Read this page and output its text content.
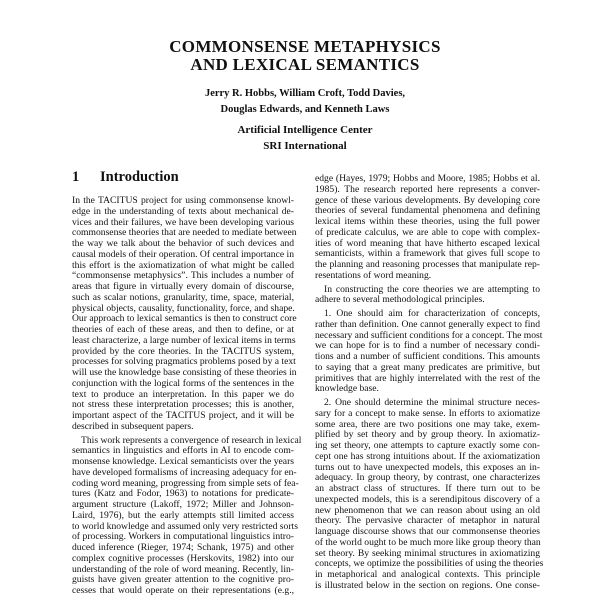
COMMONSENSE METAPHYSICS
AND LEXICAL SEMANTICS
Jerry R. Hobbs, William Croft, Todd Davies,
Douglas Edwards, and Kenneth Laws
Artificial Intelligence Center
SRI International
1 Introduction
In the TACITUS project for using commonsense knowl-
edge in the understanding of texts about mechanical de-
vices and their failures, we have been developing various
commonsense theories that are needed to mediate between
the way we talk about the behavior of such devices and
causal models of their operation. Of central importance in
this effort is the axiomatization of what might be called
“commonsense metaphysics”. This includes a number of
areas that figure in virtually every domain of discourse,
such as scalar notions, granularity, time, space, material,
physical objects, causality, functionality, force, and shape.
Our approach to lexical semantics is then to construct core
theories of each of these areas, and then to define, or at
least characterize, a large number of lexical items in terms
provided by the core theories. In the TACITUS system,
processes for solving pragmatics problems posed by a text
will use the knowledge base consisting of these theories in
conjunction with the logical forms of the sentences in the
text to produce an interpretation. In this paper we do
not stress these interpretation processes; this is another,
important aspect of the TACITUS project, and it will be
described in subsequent papers.
This work represents a convergence of research in lexical
semantics in linguistics and efforts in AI to encode com-
monsense knowledge. Lexical semanticists over the years
have developed formalisms of increasing adequacy for en-
coding word meaning, progressing from simple sets of fea-
tures (Katz and Fodor, 1963) to notations for predicate-
argument structure (Lakoff, 1972; Miller and Johnson-
Laird, 1976), but the early attempts still limited access
to world knowledge and assumed only very restricted sorts
of processing. Workers in computational linguistics intro-
duced inference (Rieger, 1974; Schank, 1975) and other
complex cognitive processes (Herskovits, 1982) into our
understanding of the role of word meaning. Recently, lin-
guists have given greater attention to the cognitive pro-
cesses that would operate on their representations (e.g.,
edge (Hayes, 1979; Hobbs and Moore, 1985; Hobbs et al.
1985). The research reported here represents a conver-
gence of these various developments. By developing core
theories of several fundamental phenomena and defining
lexical items within these theories, using the full power
of predicate calculus, we are able to cope with complex-
ities of word meaning that have hitherto escaped lexical
semanticists, within a framework that gives full scope to
the planning and reasoning processes that manipulate rep-
resentations of word meaning.
In constructing the core theories we are attempting to
adhere to several methodological principles.
1. One should aim for characterization of concepts,
rather than definition. One cannot generally expect to find
necessary and sufficient conditions for a concept. The most
we can hope for is to find a number of necessary condi-
tions and a number of sufficient conditions. This amounts
to saying that a great many predicates are primitive, but
primitives that are highly interrelated with the rest of the
knowledge base.
2. One should determine the minimal structure neces-
sary for a concept to make sense. In efforts to axiomatize
some area, there are two positions one may take, exem-
plified by set theory and by group theory. In axiomatiz-
ing set theory, one attempts to capture exactly some con-
cept one has strong intuitions about. If the axiomatization
turns out to have unexpected models, this exposes an in-
adequacy. In group theory, by contrast, one characterizes
an abstract class of structures. If there turn out to be
unexpected models, this is a serendipitous discovery of a
new phenomenon that we can reason about using an old
theory. The pervasive character of metaphor in natural
language discourse shows that our commonsense theories
of the world ought to be much more like group theory than
set theory. By seeking minimal structures in axiomatizing
concepts, we optimize the possibilities of using the theories
in metaphorical and analogical contexts. This principle
is illustrated below in the section on regions. One conse-
